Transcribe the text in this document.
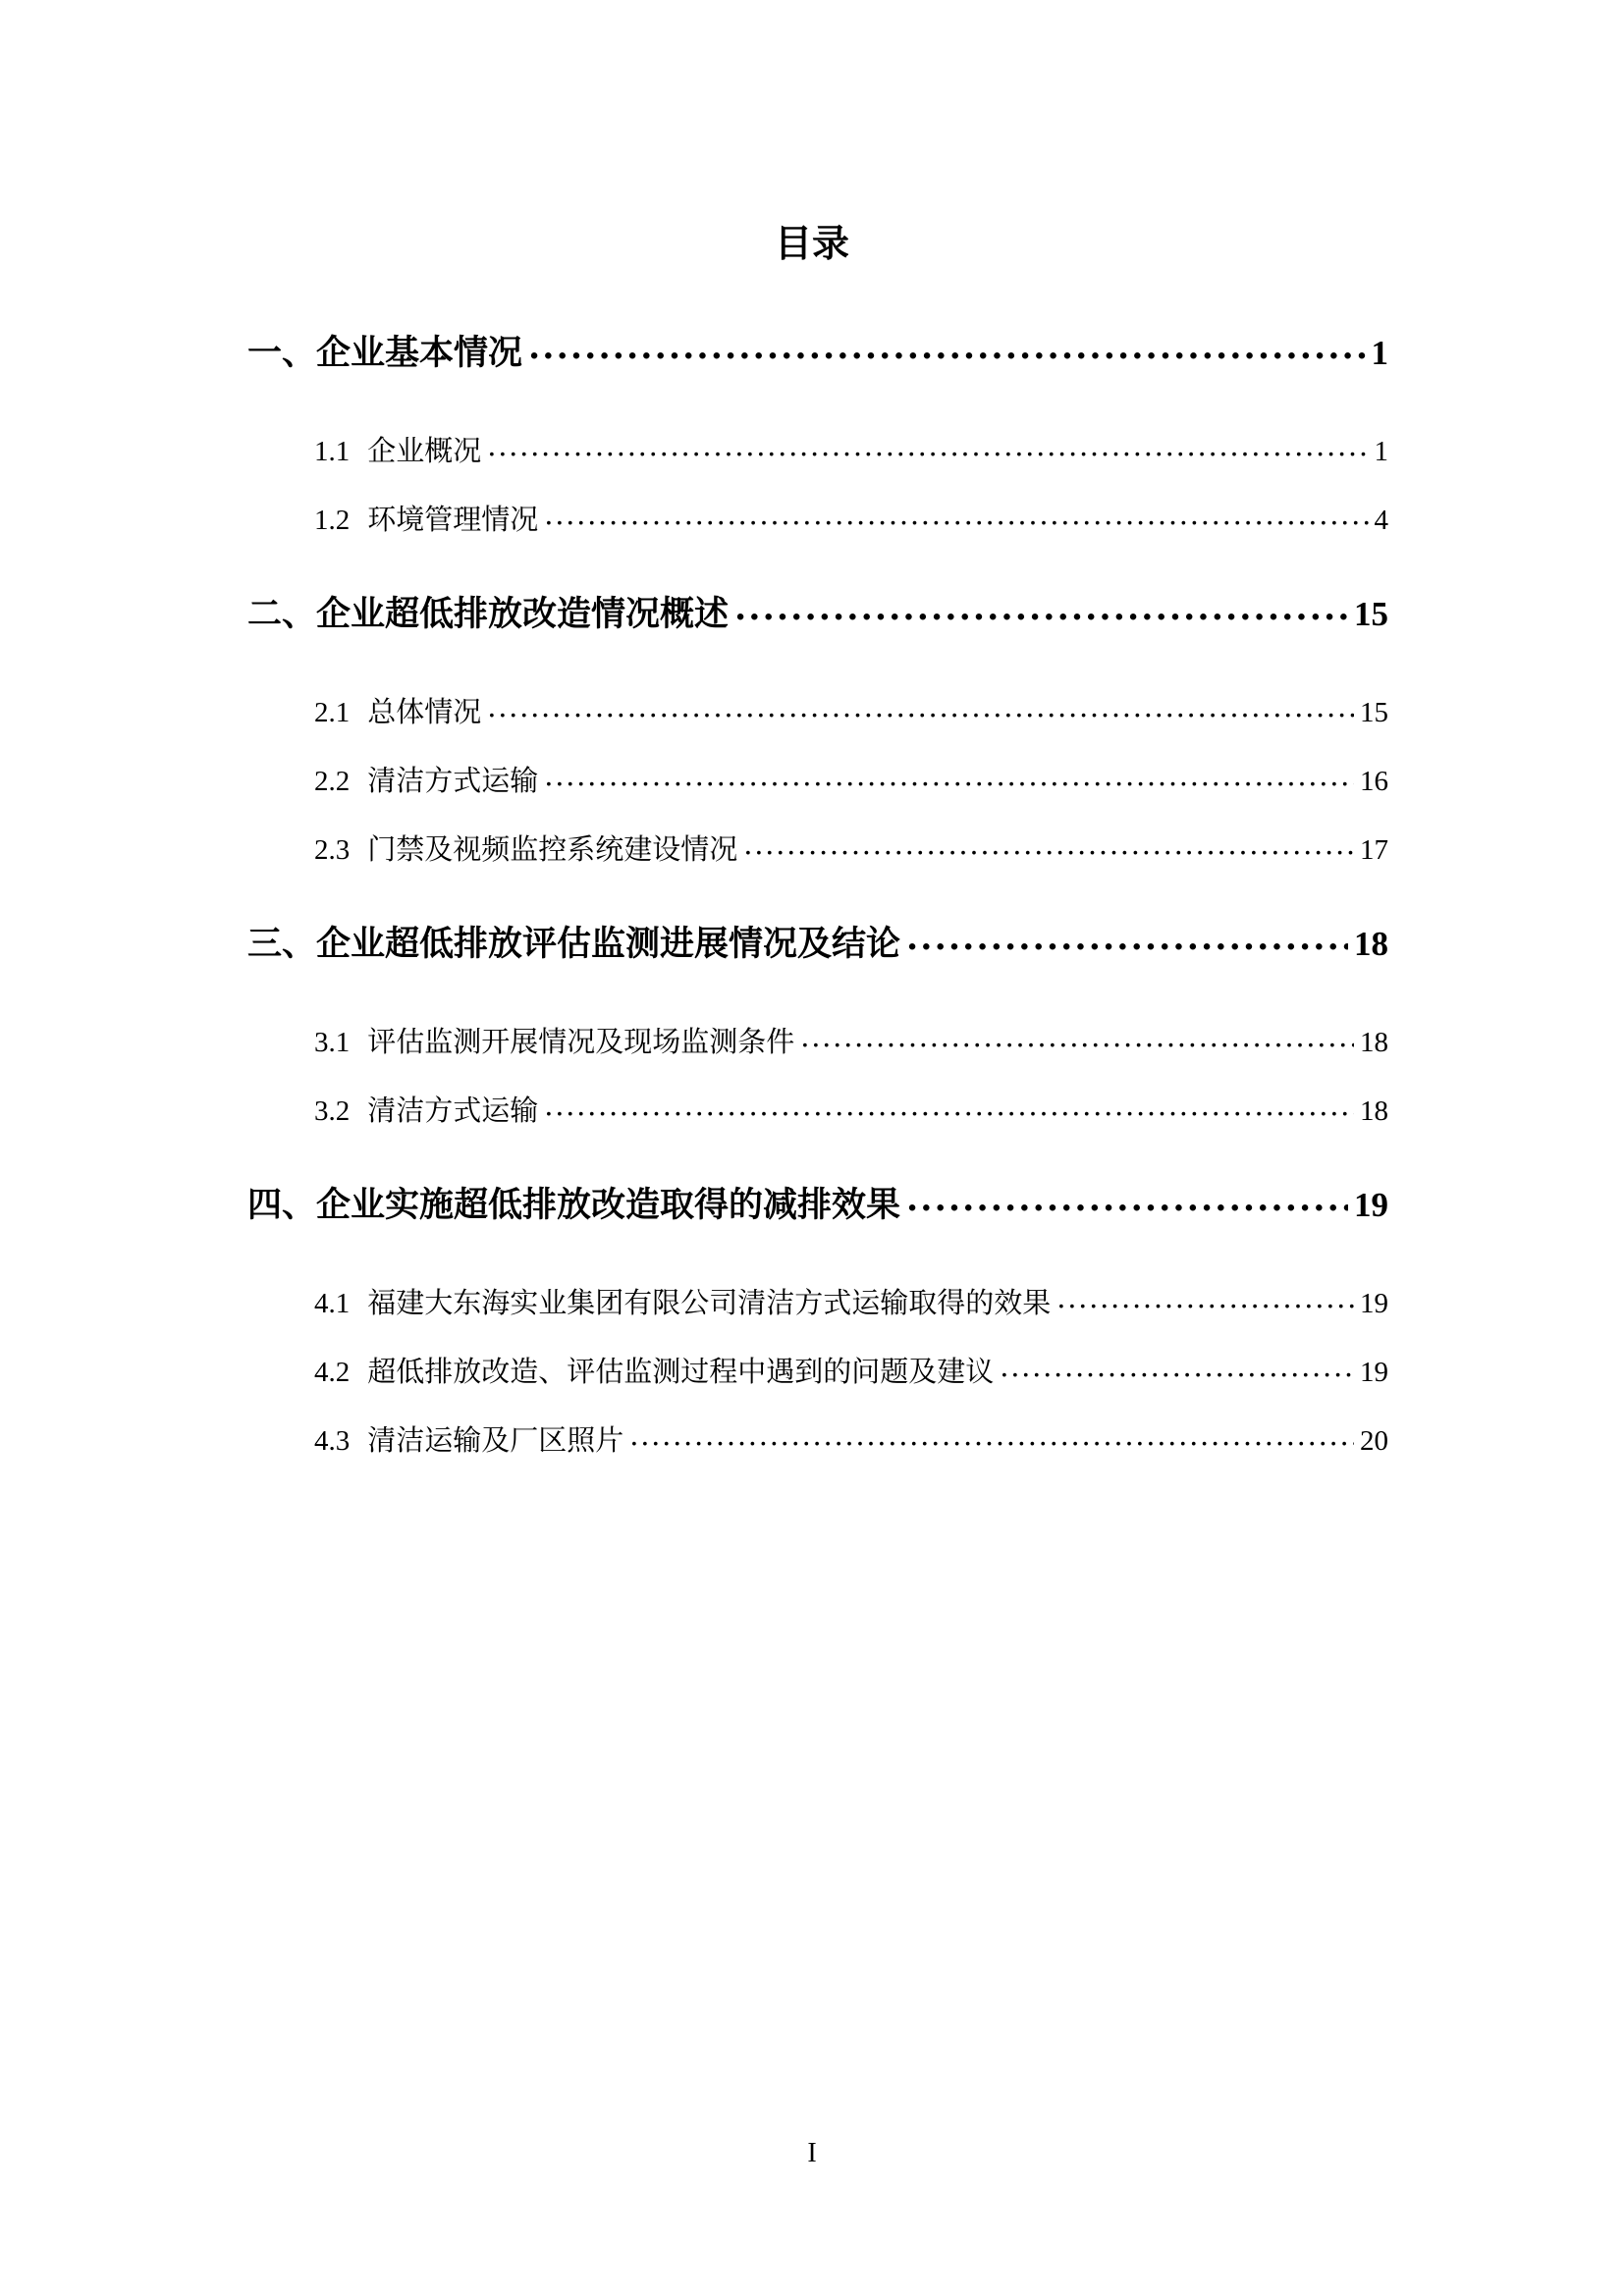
目录
一、企业基本情况 .....	1
1.1 企业概况 .....	1
1.2 环境管理情况 .....	4
二、企业超低排放改造情况概述 .....	15
2.1 总体情况 .....	15
2.2 清洁方式运输 .....	16
2.3 门禁及视频监控系统建设情况 .....	17
三、企业超低排放评估监测进展情况及结论 .....	18
3.1 评估监测开展情况及现场监测条件 .....	18
3.2 清洁方式运输 .....	18
四、企业实施超低排放改造取得的减排效果 .....	19
4.1 福建大东海实业集团有限公司清洁方式运输取得的效果 .....	19
4.2 超低排放改造、评估监测过程中遇到的问题及建议 .....	19
4.3 清洁运输及厂区照片 .....	20
I
